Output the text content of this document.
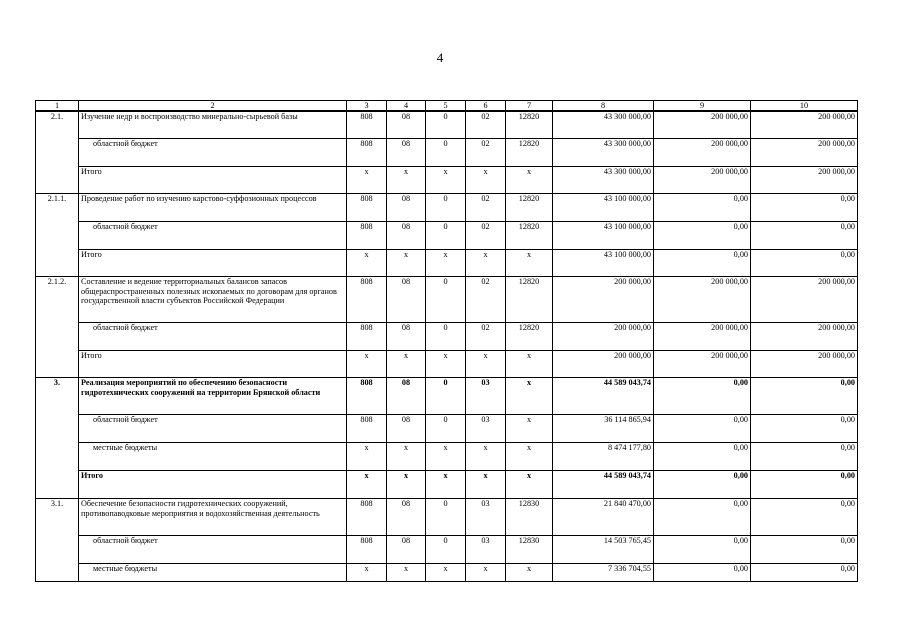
4
1	2	3	4	5	6	7	8	9	10
2.1.	Изучение недр и воспроизводство минерально-сырьевой базы	808	08	0	02	12820	43 300 000,00	200 000,00	200 000,00
	областной бюджет	808	08	0	02	12820	43 300 000,00	200 000,00	200 000,00
	Итого	х	х	х	х	х	43 300 000,00	200 000,00	200 000,00
2.1.1.	Проведение работ по изучению карстово-суффозионных процессов	808	08	0	02	12820	43 100 000,00	0,00	0,00
	областной бюджет	808	08	0	02	12820	43 100 000,00	0,00	0,00
	Итого	х	х	х	х	х	43 100 000,00	0,00	0,00
2.1.2.	Составление и ведение территориальных балансов запасов общераспространенных полезных ископаемых по договорам для органов государственной власти субъектов Российской Федерации	808	08	0	02	12820	200 000,00	200 000,00	200 000,00
	областной бюджет	808	08	0	02	12820	200 000,00	200 000,00	200 000,00
	Итого	х	х	х	х	х	200 000,00	200 000,00	200 000,00
3.	Реализация мероприятий по обеспечению безопасности гидротехнических сооружений на территории Брянской области	808	08	0	03	х	44 589 043,74	0,00	0,00
	областной бюджет	808	08	0	03	х	36 114 865,94	0,00	0,00
	местные бюджеты	х	х	х	х	х	8 474 177,80	0,00	0,00
	Итого	х	х	х	х	х	44 589 043,74	0,00	0,00
3.1.	Обеспечение безопасности гидротехнических сооружений, противопаводковые мероприятия и водохозяйственная деятельность	808	08	0	03	12830	21 840 470,00	0,00	0,00
	областной бюджет	808	08	0	03	12830	14 503 765,45	0,00	0,00
	местные бюджеты	х	х	х	х	х	7 336 704,55	0,00	0,00
